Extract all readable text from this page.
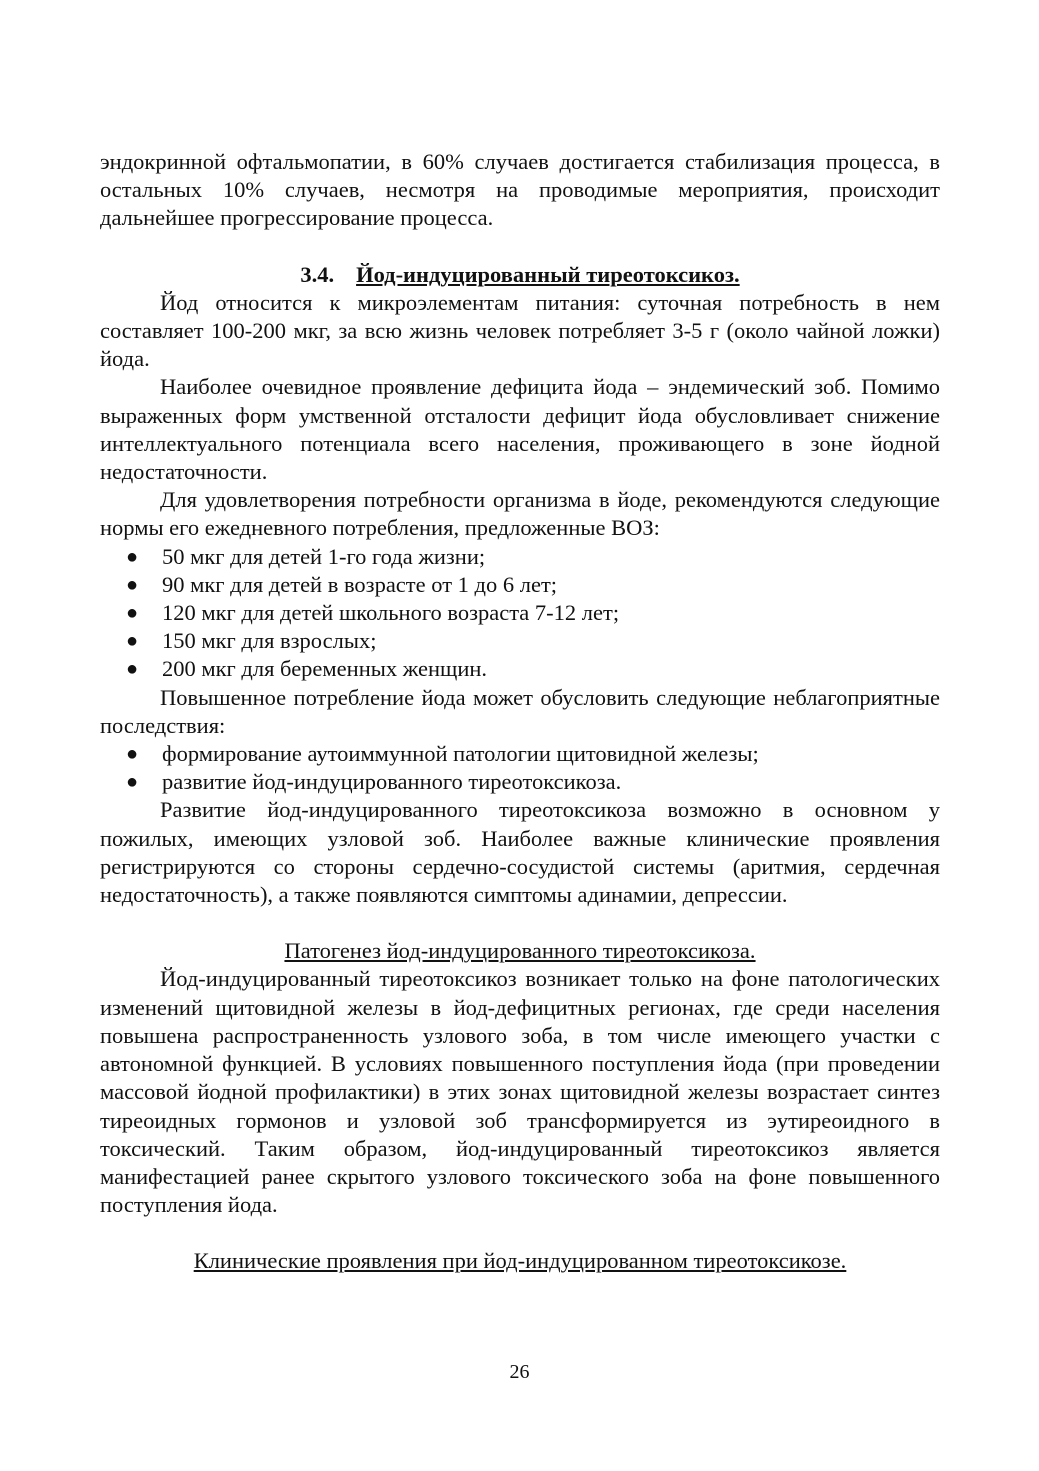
эндокринной офтальмопатии, в 60% случаев достигается стабилизация процесса, в остальных 10% случаев, несмотря на проводимые мероприятия, происходит дальнейшее прогрессирование процесса.

3.4. Йод-индуцированный тиреотоксикоз.

Йод относится к микроэлементам питания: суточная потребность в нем составляет 100-200 мкг, за всю жизнь человек потребляет 3-5 г (около чайной ложки) йода.

Наиболее очевидное проявление дефицита йода – эндемический зоб. Помимо выраженных форм умственной отсталости дефицит йода обусловливает снижение интеллектуального потенциала всего населения, проживающего в зоне йодной недостаточности.

Для удовлетворения потребности организма в йоде, рекомендуются следующие нормы его ежедневного потребления, предложенные ВОЗ:

● 50 мкг для детей 1-го года жизни;
● 90 мкг для детей в возрасте от 1 до 6 лет;
● 120 мкг для детей школьного возраста 7-12 лет;
● 150 мкг для взрослых;
● 200 мкг для беременных женщин.

Повышенное потребление йода может обусловить следующие неблагоприятные последствия:

● формирование аутоиммунной патологии щитовидной железы;
● развитие йод-индуцированного тиреотоксикоза.

Развитие йод-индуцированного тиреотоксикоза возможно в основном у пожилых, имеющих узловой зоб. Наиболее важные клинические проявления регистрируются со стороны сердечно-сосудистой системы (аритмия, сердечная недостаточность), а также появляются симптомы адинамии, депрессии.

Патогенез йод-индуцированного тиреотоксикоза.

Йод-индуцированный тиреотоксикоз возникает только на фоне патологических изменений щитовидной железы в йод-дефицитных регионах, где среди населения повышена распространенность узлового зоба, в том числе имеющего участки с автономной функцией. В условиях повышенного поступления йода (при проведении массовой йодной профилактики) в этих зонах щитовидной железы возрастает синтез тиреоидных гормонов и узловой зоб трансформируется из эутиреоидного в токсический. Таким образом, йод-индуцированный тиреотоксикоз является манифестацией ранее скрытого узлового токсического зоба на фоне повышенного поступления йода.

Клинические проявления при йод-индуцированном тиреотоксикозе.

26
